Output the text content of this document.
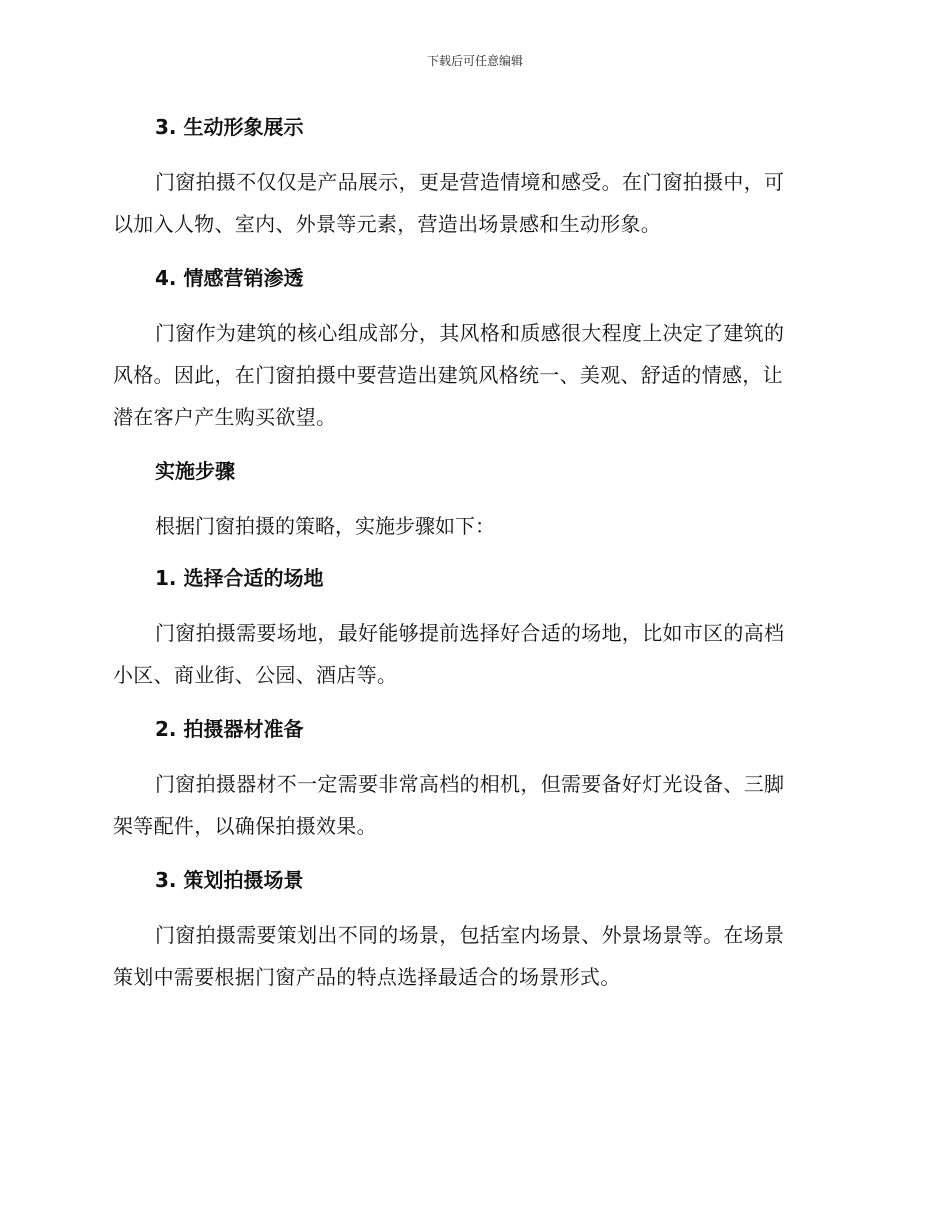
下载后可任意编辑
3. 生动形象展示
门窗拍摄不仅仅是产品展示，更是营造情境和感受。在门窗拍摄中，可
以加入人物、室内、外景等元素，营造出场景感和生动形象。
4. 情感营销渗透
门窗作为建筑的核心组成部分，其风格和质感很大程度上决定了建筑的
风格。因此，在门窗拍摄中要营造出建筑风格统一、美观、舒适的情感，让
潜在客户产生购买欲望。
实施步骤
根据门窗拍摄的策略，实施步骤如下：
1. 选择合适的场地
门窗拍摄需要场地，最好能够提前选择好合适的场地，比如市区的高档
小区、商业街、公园、酒店等。
2. 拍摄器材准备
门窗拍摄器材不一定需要非常高档的相机，但需要备好灯光设备、三脚
架等配件，以确保拍摄效果。
3. 策划拍摄场景
门窗拍摄需要策划出不同的场景，包括室内场景、外景场景等。在场景
策划中需要根据门窗产品的特点选择最适合的场景形式。
